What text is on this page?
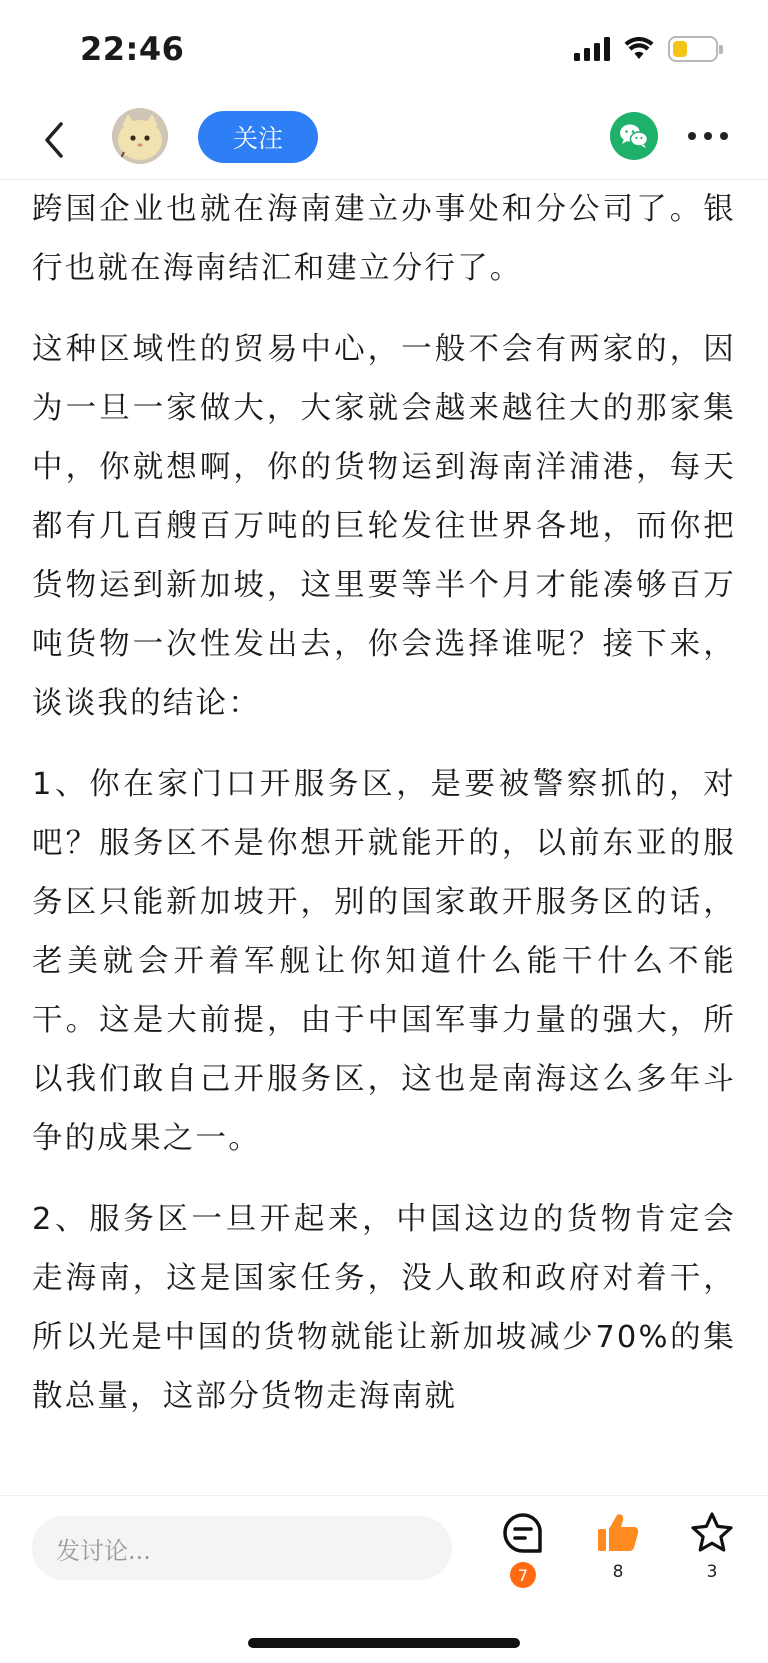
22:46
关注

跨国企业也就在海南建立办事处和分公司了。银行也就在海南结汇和建立分行了。

这种区域性的贸易中心，一般不会有两家的，因为一旦一家做大，大家就会越来越往大的那家集中，你就想啊，你的货物运到海南洋浦港，每天都有几百艘百万吨的巨轮发往世界各地，而你把货物运到新加坡，这里要等半个月才能凑够百万吨货物一次性发出去，你会选择谁呢？接下来，谈谈我的结论：

1、你在家门口开服务区，是要被警察抓的，对吧？服务区不是你想开就能开的，以前东亚的服务区只能新加坡开，别的国家敢开服务区的话，老美就会开着军舰让你知道什么能干什么不能干。这是大前提，由于中国军事力量的强大，所以我们敢自己开服务区，这也是南海这么多年斗争的成果之一。

2、服务区一旦开起来，中国这边的货物肯定会走海南，这是国家任务，没人敢和政府对着干，所以光是中国的货物就能让新加坡减少70%的集散总量，这部分货物走海南就

发讨论...
7	8	3
